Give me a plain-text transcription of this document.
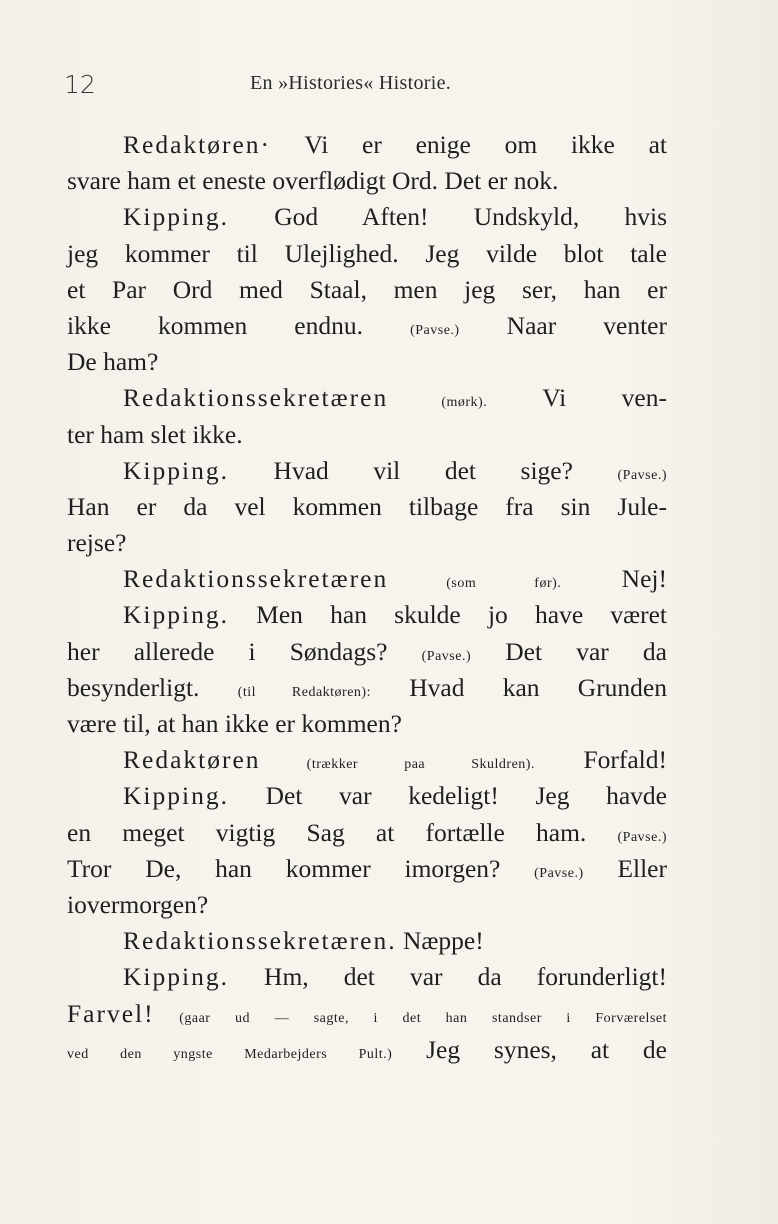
12	En »Histories« Historie.
Redaktøren· Vi er enige om ikke at
svare ham et eneste overflødigt Ord. Det er nok.
Kipping. God Aften! Undskyld, hvis
jeg kommer til Ulejlighed. Jeg vilde blot tale
et Par Ord med Staal, men jeg ser, han er
ikke kommen endnu. (Pavse.) Naar venter
De ham?
Redaktionssekretæren (mørk). Vi ven-
ter ham slet ikke.
Kipping. Hvad vil det sige? (Pavse.)
Han er da vel kommen tilbage fra sin Jule-
rejse?
Redaktionssekretæren (som før). Nej!
Kipping. Men han skulde jo have været
her allerede i Søndags? (Pavse.) Det var da
besynderligt. (til Redaktøren): Hvad kan Grunden
være til, at han ikke er kommen?
Redaktøren (trækker paa Skuldren). Forfald!
Kipping. Det var kedeligt! Jeg havde
en meget vigtig Sag at fortælle ham. (Pavse.)
Tror De, han kommer imorgen? (Pavse.) Eller
iovermorgen?
Redaktionssekretæren. Næppe!
Kipping. Hm, det var da forunderligt!
Farvel! (gaar ud — sagte, i det han standser i Forværelset
ved den yngste Medarbejders Pult.) Jeg synes, at de
